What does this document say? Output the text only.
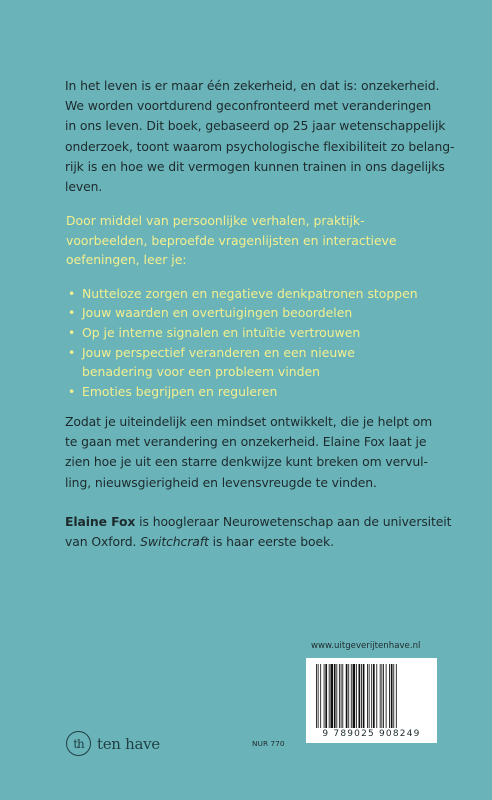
In het leven is er maar één zekerheid, en dat is: onzekerheid.
We worden voortdurend geconfronteerd met veranderingen
in ons leven. Dit boek, gebaseerd op 25 jaar wetenschappelijk
onderzoek, toont waarom psychologische flexibiliteit zo belang-
rijk is en hoe we dit vermogen kunnen trainen in ons dagelijks
leven.
Door middel van persoonlijke verhalen, praktijk-
voorbeelden, beproefde vragenlijsten en interactieve
oefeningen, leer je:
• Nutteloze zorgen en negatieve denkpatronen stoppen
• Jouw waarden en overtuigingen beoordelen
• Op je interne signalen en intuïtie vertrouwen
• Jouw perspectief veranderen en een nieuwe
benadering voor een probleem vinden
• Emoties begrijpen en reguleren
Zodat je uiteindelijk een mindset ontwikkelt, die je helpt om
te gaan met verandering en onzekerheid. Elaine Fox laat je
zien hoe je uit een starre denkwijze kunt breken om vervul-
ling, nieuwsgierigheid en levensvreugde te vinden.
Elaine Fox is hoogleraar Neurowetenschap aan de universiteit
van Oxford. Switchcraft is haar eerste boek.
www.uitgeverijtenhave.nl
9 789025 908249
NUR 770
th ten have
